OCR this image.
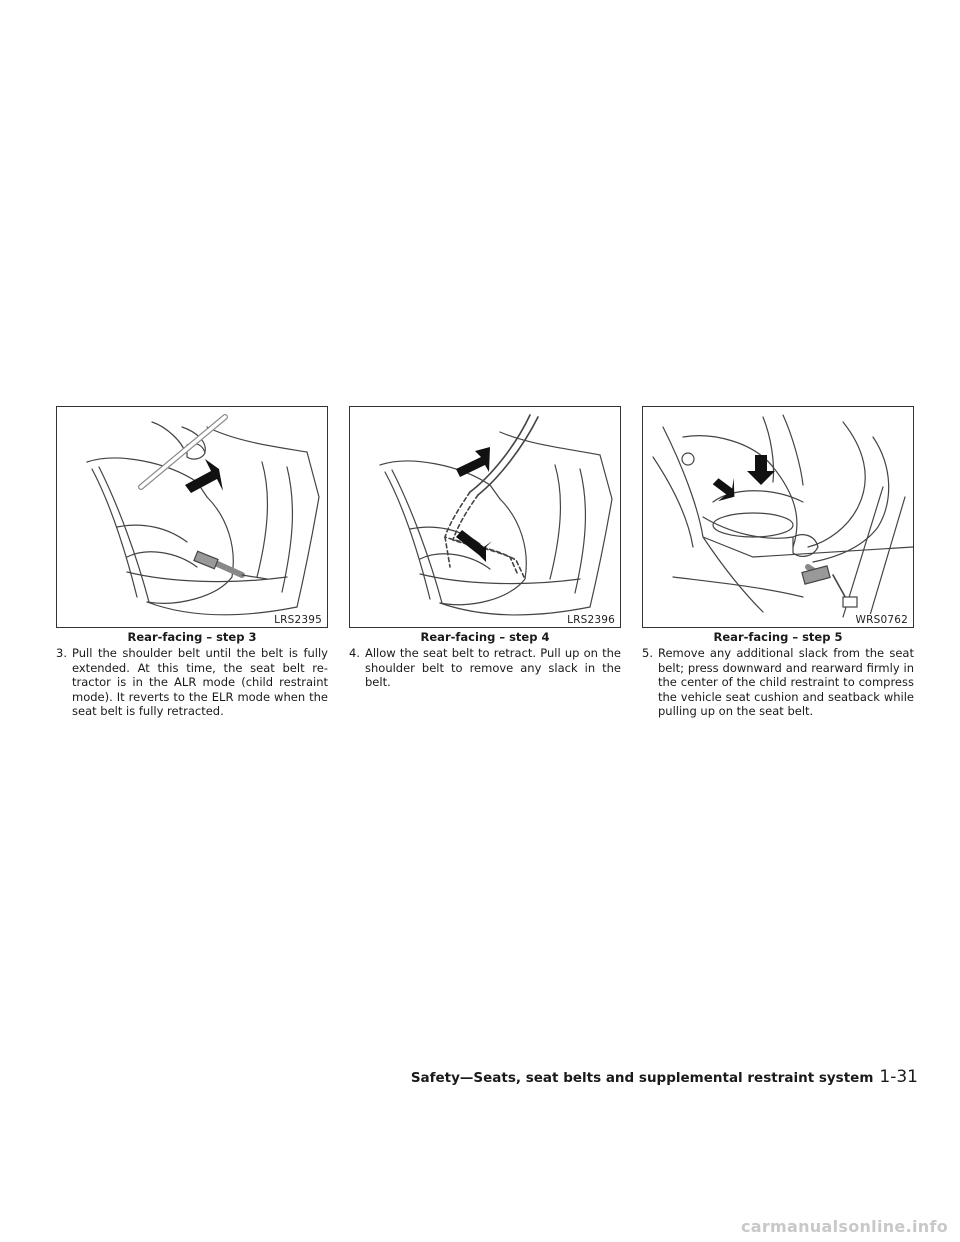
LRS2395
Rear-facing – step 3

3. Pull the shoulder belt until the belt is fully extended. At this time, the seat belt re-tractor is in the ALR mode (child restraint mode). It reverts to the ELR mode when the seat belt is fully retracted.

LRS2396
Rear-facing – step 4

4. Allow the seat belt to retract. Pull up on the shoulder belt to remove any slack in the belt.

WRS0762
Rear-facing – step 5

5. Remove any additional slack from the seat belt; press downward and rearward firmly in the center of the child restraint to compress the vehicle seat cushion and seatback while pulling up on the seat belt.

Safety—Seats, seat belts and supplemental restraint system 1-31
carmanualsonline.info
